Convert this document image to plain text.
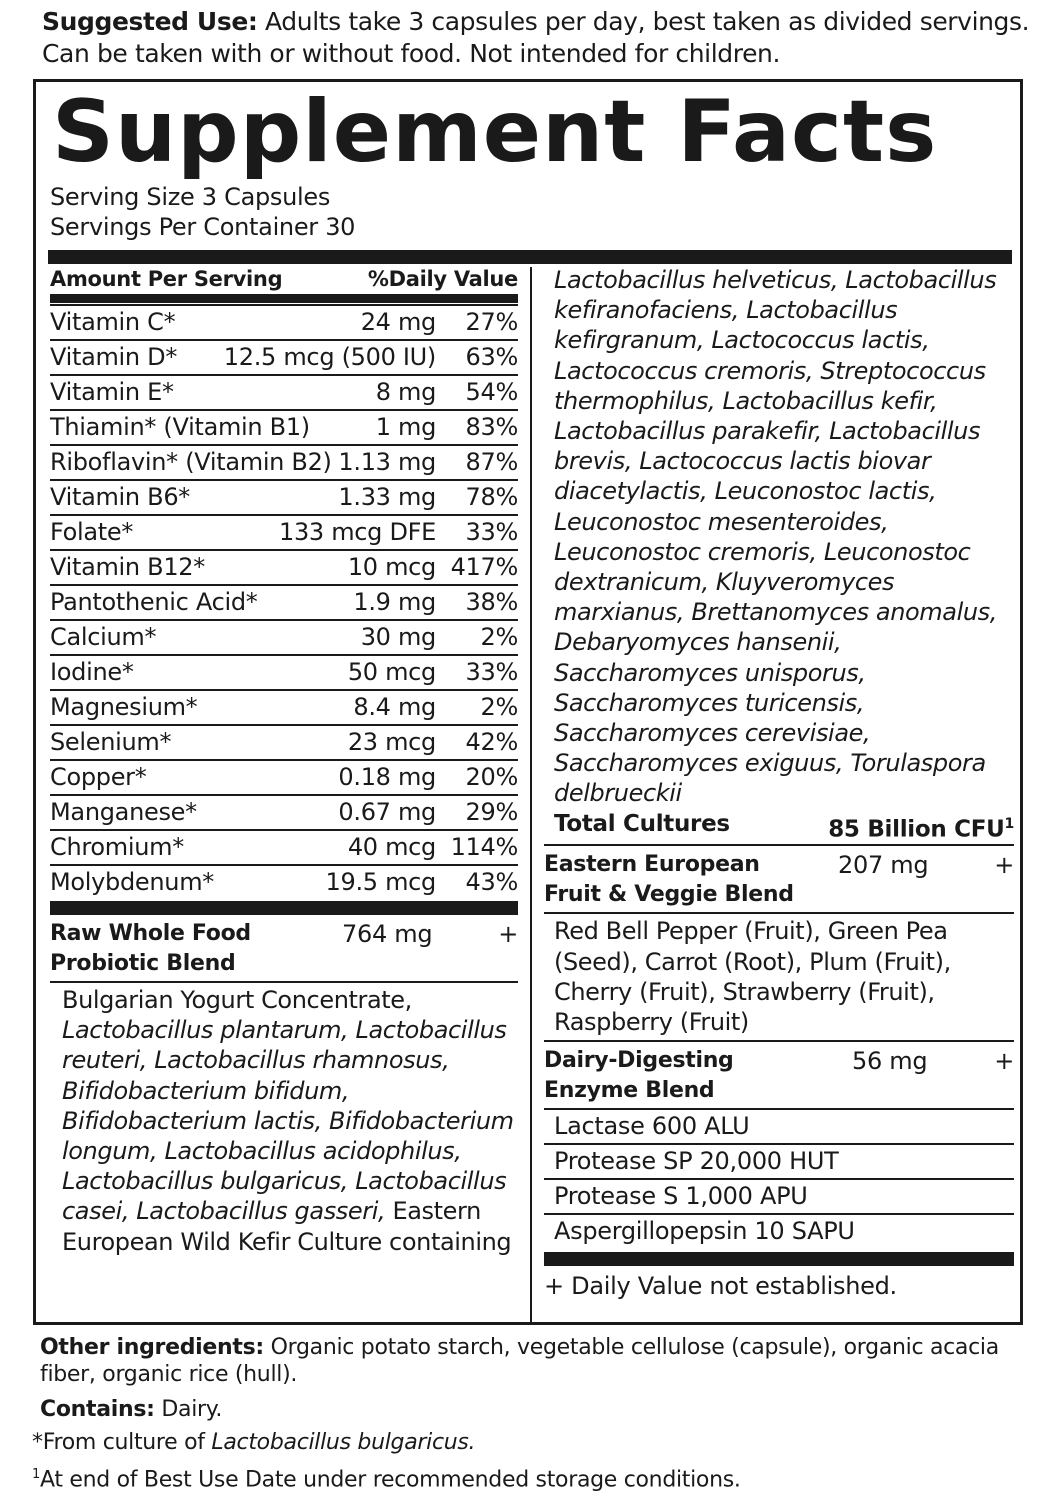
Suggested Use: Adults take 3 capsules per day, best taken as divided servings. Can be taken with or without food. Not intended for children.
Supplement Facts
Serving Size 3 Capsules
Servings Per Container 30
Amount Per Serving	%Daily Value
Vitamin C*	24 mg 27%
Vitamin D* 12.5 mcg (500 IU) 63%
Vitamin E*	8 mg 54%
Thiamin* (Vitamin B1)	1 mg 83%
Riboflavin* (Vitamin B2) 1.13 mg 87%
Vitamin B6*	1.33 mg 78%
Folate*	133 mcg DFE 33%
Vitamin B12*	10 mcg 417%
Pantothenic Acid*	1.9 mg 38%
Calcium*	30 mg 2%
Iodine*	50 mcg 33%
Magnesium*	8.4 mg 2%
Selenium*	23 mcg 42%
Copper*	0.18 mg 20%
Manganese*	0.67 mg 29%
Chromium*	40 mcg 114%
Molybdenum*	19.5 mcg 43%
Raw Whole Food
Probiotic Blend
764 mg	+
Bulgarian Yogurt Concentrate, Lactobacillus plantarum, Lactobacillus reuteri, Lactobacillus rhamnosus, Bifidobacterium bifidum, Bifidobacterium lactis, Bifidobacterium longum, Lactobacillus acidophilus, Lactobacillus bulgaricus, Lactobacillus casei, Lactobacillus gasseri, Eastern European Wild Kefir Culture containing
Lactobacillus helveticus, Lactobacillus kefiranofaciens, Lactobacillus kefirgranum, Lactococcus lactis, Lactococcus cremoris, Streptococcus thermophilus, Lactobacillus kefir, Lactobacillus parakefir, Lactobacillus brevis, Lactococcus lactis biovar diacetylactis, Leuconostoc lactis, Leuconostoc mesenteroides, Leuconostoc cremoris, Leuconostoc dextranicum, Kluyveromyces marxianus, Brettanomyces anomalus, Debaryomyces hansenii, Saccharomyces unisporus, Saccharomyces turicensis, Saccharomyces cerevisiae, Saccharomyces exiguus, Torulaspora delbrueckii
Total Cultures	85 Billion CFU$^1$
Eastern European
Fruit & Veggie Blend
207 mg	+
Red Bell Pepper (Fruit), Green Pea (Seed), Carrot (Root), Plum (Fruit), Cherry (Fruit), Strawberry (Fruit), Raspberry (Fruit)
Dairy-Digesting
Enzyme Blend
56 mg	+
Lactase 600 ALU
Protease SP 20,000 HUT
Protease S 1,000 APU
Aspergillopepsin 10 SAPU
+ Daily Value not established.
Other ingredients: Organic potato starch, vegetable cellulose (capsule), organic acacia fiber, organic rice (hull).
Contains: Dairy.
*From culture of Lactobacillus bulgaricus.
$^1$At end of Best Use Date under recommended storage conditions.
